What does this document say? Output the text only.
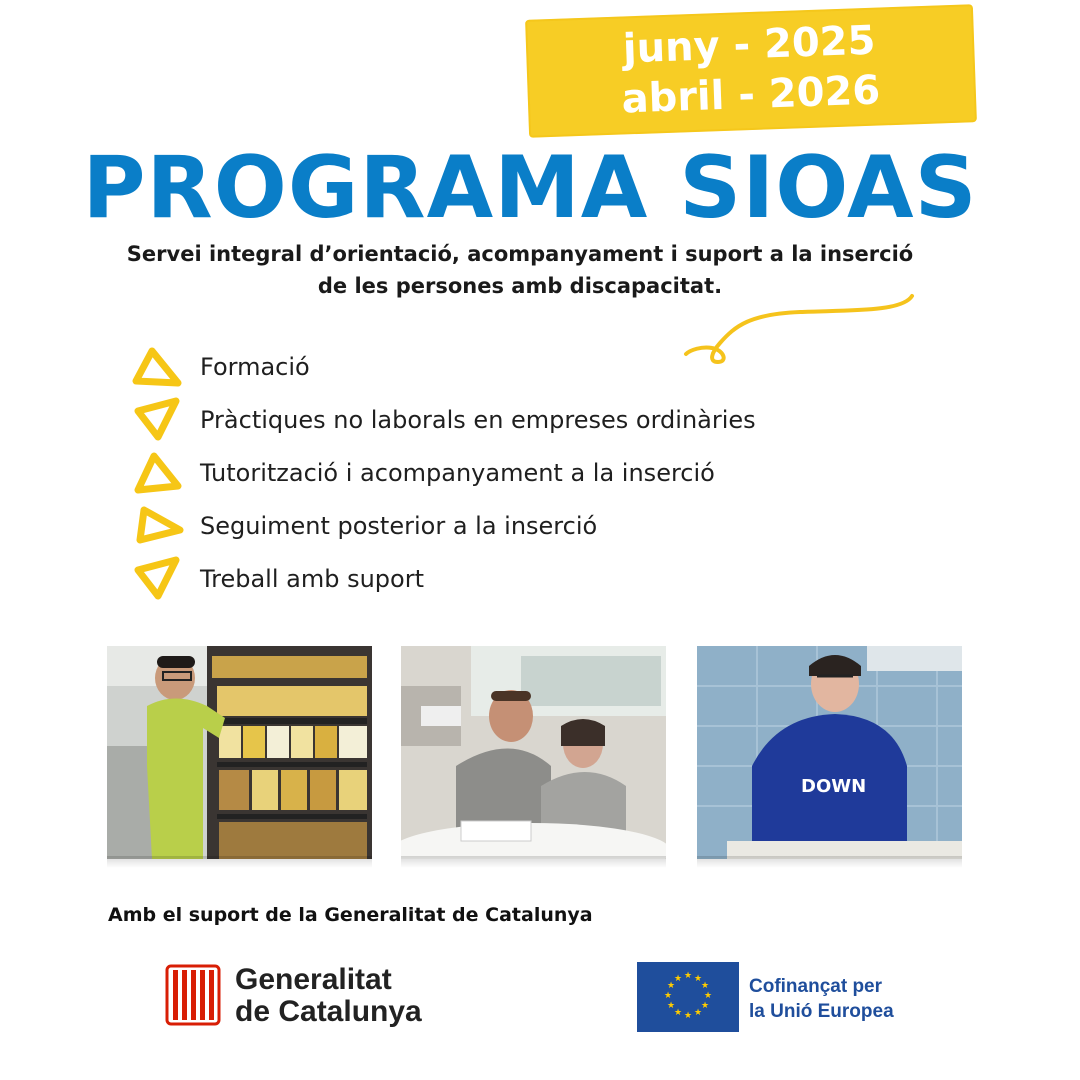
juny - 2025
abril - 2026
PROGRAMA SIOAS
Servei integral d’orientació, acompanyament i suport a la inserció
de les persones amb discapacitat.
Formació
Pràctiques no laborals en empreses ordinàries
Tutorització i acompanyament a la inserció
Seguiment posterior a la inserció
Treball amb suport
DOWN
Amb el suport de la Generalitat de Catalunya
Generalitat
de Catalunya
★ ★
★
★
★
★
★
★
★
★
★
★	Cofinançat per
la Unió Europea
